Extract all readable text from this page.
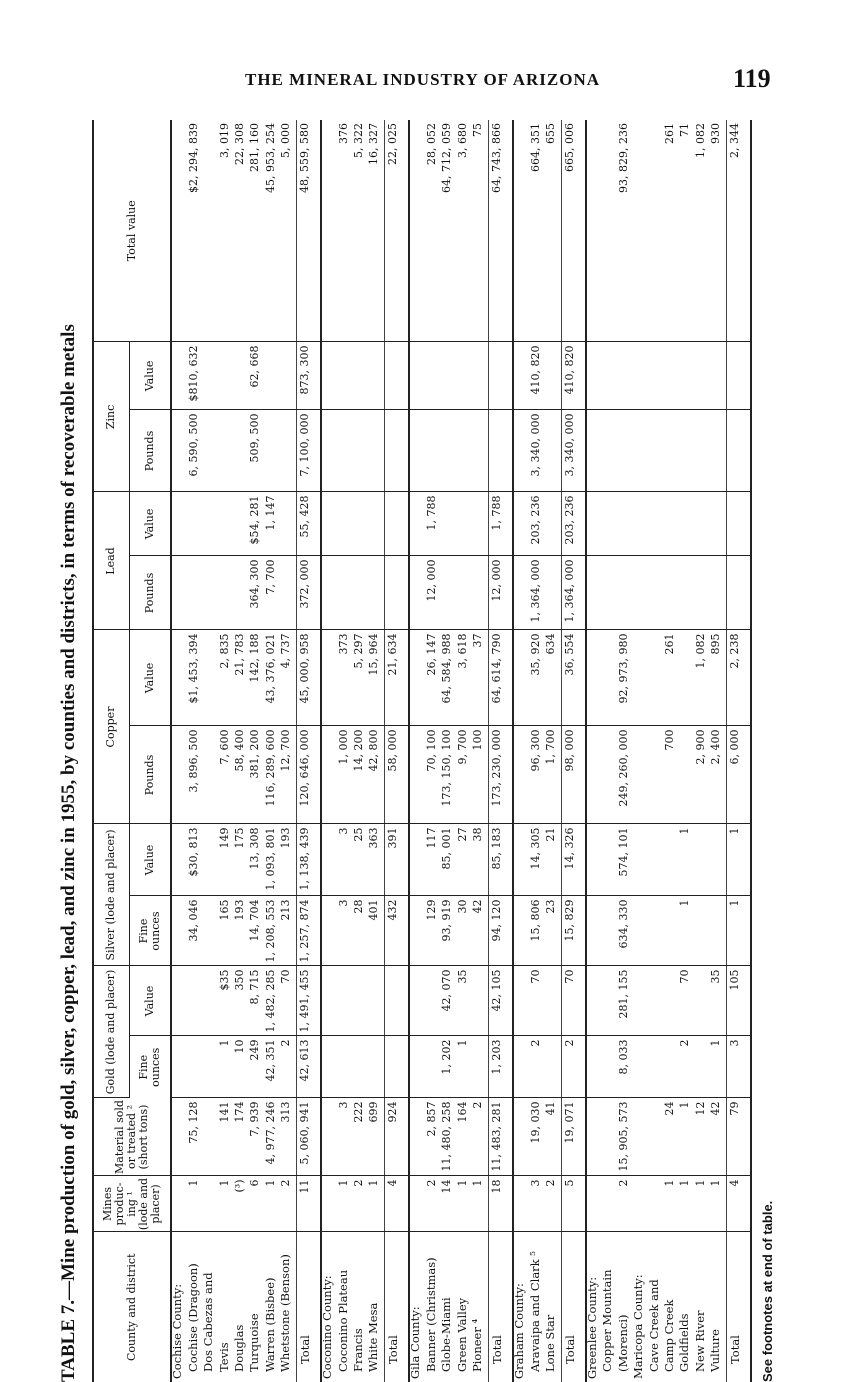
THE MINERAL INDUSTRY OF ARIZONA	119
TABLE 7.—Mine production of gold, silver, copper, lead, and zinc in 1955, by counties and districts, in terms of recoverable metals	County and district	Mines produc-ing ¹ (lode and placer)	Material sold or treated ² (short tons)	Gold (lode and placer)		Silver (lode and placer)		Copper		Lead		Zinc		Total value
			Fine ounces	Value	Fine ounces	Value	Pounds	Value	Pounds	Value	Pounds	Value	
Cochise County:													
Cochise (Dragoon)	1	75, 128			34, 046	$30, 813	3, 896, 500	$1, 453, 394			6, 590, 500	$810, 632	$2, 294, 839
Dos Cabezas and													
Tevis	1	141	1	$35	165	149	7, 600	2, 835					3, 019
Douglas	(³)	174	10	350	193	175	58, 400	21, 783					22, 308
Turquoise	6	7, 939	249	8, 715	14, 704	13, 308	381, 200	142, 188	364, 300	$54, 281	509, 500	62, 668	281, 160
Warren (Bisbee)	1	4, 977, 246	42, 351	1, 482, 285	1, 208, 553	1, 093, 801	116, 289, 600	43, 376, 021	7, 700	1, 147			45, 953, 254
Whetstone (Benson)	2	313	2	70	213	193	12, 700	4, 737					5, 000
Total	11	5, 060, 941	42, 613	1, 491, 455	1, 257, 874	1, 138, 439	120, 646, 000	45, 000, 958	372, 000	55, 428	7, 100, 000	873, 300	48, 559, 580
Coconino County:													
Coconino Plateau	1	3			3	3	1, 000	373					376
Francis	2	222			28	25	14, 200	5, 297					5, 322
White Mesa	1	699			401	363	42, 800	15, 964					16, 327
Total	4	924			432	391	58, 000	21, 634					22, 025
Gila County:													
Banner (Christmas)	2	2, 857			129	117	70, 100	26, 147	12, 000	1, 788			28, 052
Globe-Miami	14	11, 480, 258	1, 202	42, 070	93, 919	85, 001	173, 150, 100	64, 584, 988					64, 712, 059
Green Valley	1	164	1	35	30	27	9, 700	3, 618					3, 680
Pioneer ⁴	1	2			42	38	100	37					75
Total	18	11, 483, 281	1, 203	42, 105	94, 120	85, 183	173, 230, 000	64, 614, 790	12, 000	1, 788			64, 743, 866
Graham County:													
Aravaipa and Clark ⁵	3	19, 030	2	70	15, 806	14, 305	96, 300	35, 920	1, 364, 000	203, 236	3, 340, 000	410, 820	664, 351
Lone Star	2	41			23	21	1, 700	634					655
Total	5	19, 071	2	70	15, 829	14, 326	98, 000	36, 554	1, 364, 000	203, 236	3, 340, 000	410, 820	665, 006
Greenlee County:													
Copper Mountain													
(Morenci)	2	15, 905, 573	8, 033	281, 155	634, 330	574, 101	249, 260, 000	92, 973, 980					93, 829, 236
Maricopa County:													
Cave Creek and													
Camp Creek	1	24					700	261					261
Goldfields	1	1	2	70	1	1							71
New River	1	12					2, 900	1, 082					1, 082
Vulture	1	42	1	35			2, 400	895					930
Total	4	79	3	105	1	1	6, 000	2, 238					2, 344
See footnotes at end of table.
